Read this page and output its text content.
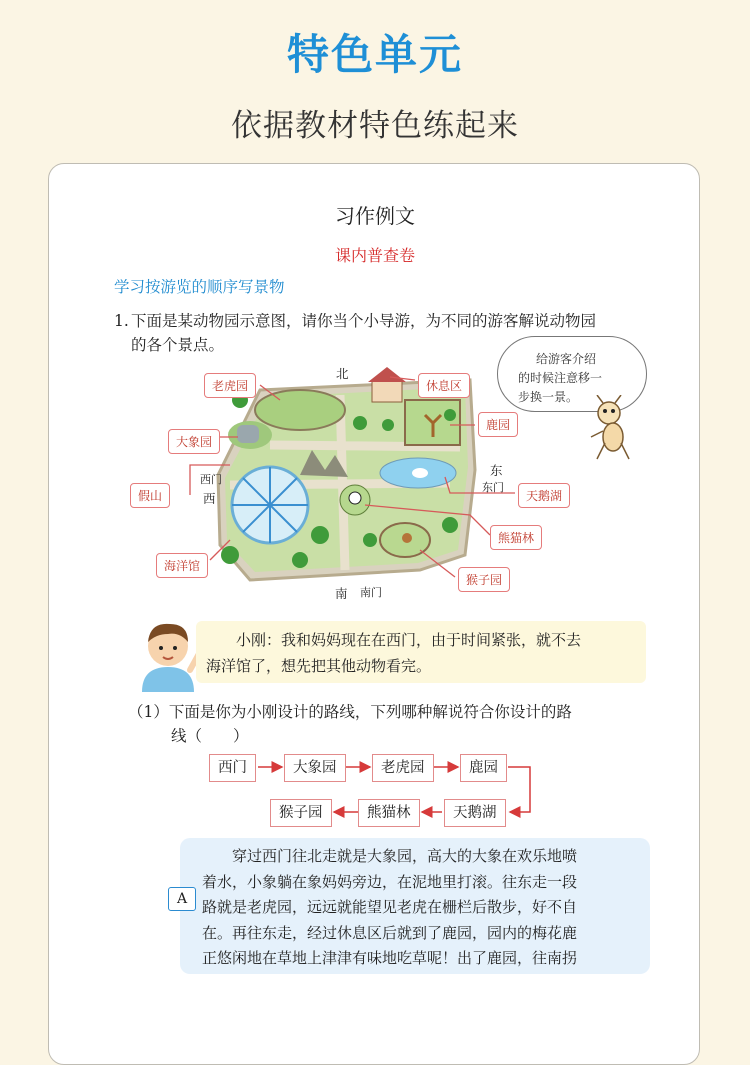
特色单元
依据教材特色练起来
习作例文
课内普查卷
学习按游览的顺序写景物
1. 下面是某动物园示意图，请你当个小导游，为不同的游客解说动物园
的各个景点。
北
西
东
南
西门
东门
南门
老虎园	休息区
鹿园
大象园
假山	天鹅湖
熊猫林
海洋馆
猴子园
给游客介绍
的时候注意移一
步换一景。
小刚：我和妈妈现在在西门，由于时间紧张，就不去
海洋馆了，想先把其他动物看完。
（1）下面是你为小刚设计的路线，下列哪种解说符合你设计的路
线（　　）
西门	大象园	老虎园	鹿园
猴子园	熊猫林	天鹅湖
A
穿过西门往北走就是大象园，高大的大象在欢乐地喷
着水，小象躺在象妈妈旁边，在泥地里打滚。往东走一段
路就是老虎园，远远就能望见老虎在栅栏后散步，好不自
在。再往东走，经过休息区后就到了鹿园，园内的梅花鹿
正悠闲地在草地上津津有味地吃草呢！出了鹿园，往南拐
